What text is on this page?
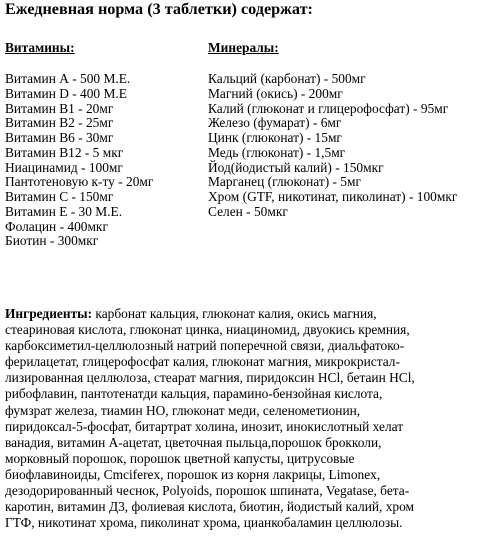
Ежедневная норма (3 таблетки) содержат:
Витамины:	Минералы:
Витамин А - 500 М.Е.
Витамин D - 400 М.Е
Витамин В1 - 20мг
Витамин В2 - 25мг
Витамин В6 - 30мг
Витамин В12 - 5 мкг
Ниацинамид - 100мг
Пантотеновую к-ту - 20мг
Витамин С - 150мг
Витамин Е - 30 М.Е.
Фолацин - 400мкг
Биотин - 300мкг
Кальций (карбонат) - 500мг
Магний (окись) - 200мг
Калий (глюконат и глицерофосфат) - 95мг
Железо (фумарат) - 6мг
Цинк (глюконат) - 15мг
Медь (глюконат) - 1,5мг
Йод(йодистый калий) - 150мкг
Марганец (глюконат) - 5мг
Хром (GTF, никотинат, пиколинат) - 100мкг
Селен - 50мкг
Ингредиенты: карбонат кальция, глюконат калия, окись магния,
стеариновая кислота, глюконат цинка, ниациномид, двуокись кремния,
карбоксиметил-целлюлозный натрий поперечной связи, диальфатоко-
ферилацетат, глицерофосфат калия, глюконат магния, микрокристал-
лизированная целлюлоза, стеарат магния, пиридоксин HCl, бетаин HCl,
рибофлавин, пантотенатди кальция, парамино-бензойная кислота,
фумзрат железа, тиамин НО, глюконат меди, селенометионин,
пиридоксал-5-фосфат, битартрат холина, инозит, инокислотный хелат
ванадия, витамин А-ацетат, цветочная пыльца,порошок брокколи,
морковный порошок, порошок цветной капусты, цитрусовые
биофлавиноиды, Cmciferex, порошок из корня лакрицы, Limonex,
дезодорированный чеснок, Polyoids, порошок шпината, Vegatase, бета-
каротин, витамин Д3, фолиевая кислота, биотин, йодистый калий, хром
ГТФ, никотинат хрома, пиколинат хрома, цианкобаламин целлюлозы.
